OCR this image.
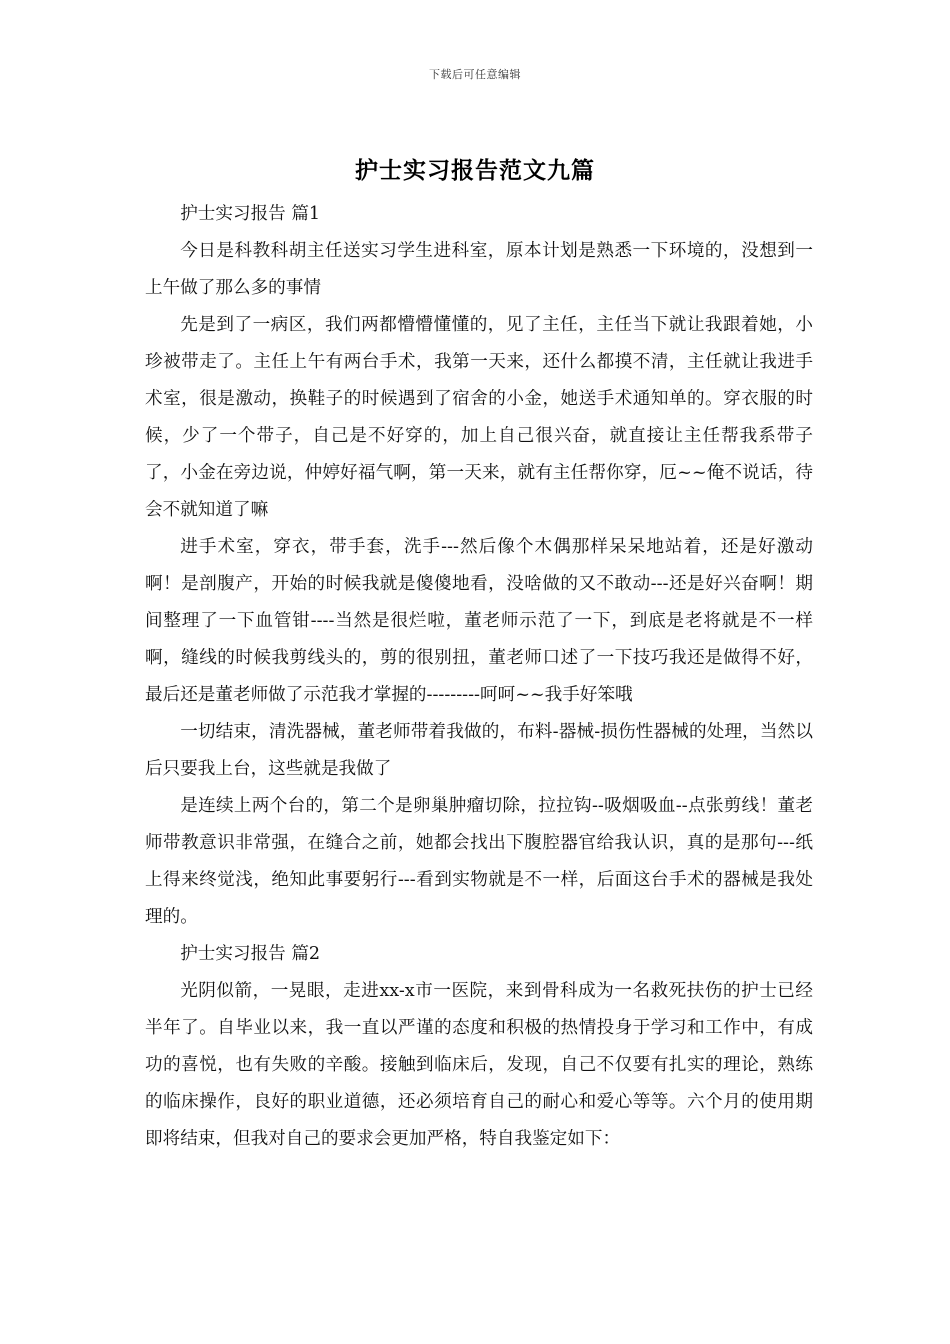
下载后可任意编辑
护士实习报告范文九篇

护士实习报告 篇1

今日是科教科胡主任送实习学生进科室，原本计划是熟悉一下环境的，没想到一上午做了那么多的事情

先是到了一病区，我们两都懵懵懂懂的，见了主任，主任当下就让我跟着她，小珍被带走了。主任上午有两台手术，我第一天来，还什么都摸不清，主任就让我进手术室，很是激动，换鞋子的时候遇到了宿舍的小金，她送手术通知单的。穿衣服的时候，少了一个带子，自己是不好穿的，加上自己很兴奋，就直接让主任帮我系带子了，小金在旁边说，仲婷好福气啊，第一天来，就有主任帮你穿，厄~~俺不说话，待会不就知道了嘛

进手术室，穿衣，带手套，洗手---然后像个木偶那样呆呆地站着，还是好激动啊！是剖腹产，开始的时候我就是傻傻地看，没啥做的又不敢动---还是好兴奋啊！期间整理了一下血管钳----当然是很烂啦，董老师示范了一下，到底是老将就是不一样啊，缝线的时候我剪线头的，剪的很别扭，董老师口述了一下技巧我还是做得不好，最后还是董老师做了示范我才掌握的---------呵呵~~我手好笨哦

一切结束，清洗器械，董老师带着我做的，布料-器械-损伤性器械的处理，当然以后只要我上台，这些就是我做了

是连续上两个台的，第二个是卵巢肿瘤切除，拉拉钩--吸烟吸血--点张剪线！董老师带教意识非常强，在缝合之前，她都会找出下腹腔器官给我认识，真的是那句---纸上得来终觉浅，绝知此事要躬行---看到实物就是不一样，后面这台手术的器械是我处理的。

护士实习报告 篇2

光阴似箭，一晃眼，走进xx-x市一医院，来到骨科成为一名救死扶伤的护士已经半年了。自毕业以来，我一直以严谨的态度和积极的热情投身于学习和工作中，有成功的喜悦，也有失败的辛酸。接触到临床后，发现，自己不仅要有扎实的理论，熟练的临床操作，良好的职业道德，还必须培育自己的耐心和爱心等等。六个月的使用期即将结束，但我对自己的要求会更加严格，特自我鉴定如下：
